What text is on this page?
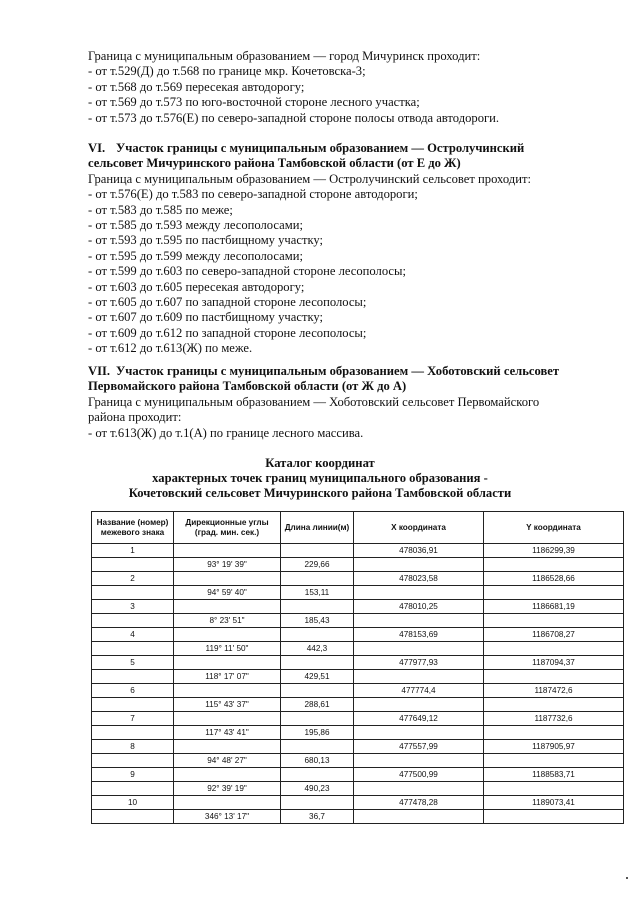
Граница с муниципальным образованием — город Мичуринск проходит:
- от т.529(Д) до т.568 по границе мкр. Кочетовска-3;
- от т.568 до т.569 пересекая автодорогу;
- от т.569 до т.573 по юго-восточной стороне лесного участка;
- от т.573 до т.576(Е) по северо-западной стороне полосы отвода автодороги.
VI. Участок границы с муниципальным образованием — Остролучинский
сельсовет Мичуринского района Тамбовской области (от Е до Ж)
Граница с муниципальным образованием — Остролучинский сельсовет проходит:
- от т.576(Е) до т.583 по северо-западной стороне автодороги;
- от т.583 до т.585 по меже;
- от т.585 до т.593 между лесополосами;
- от т.593 до т.595 по пастбищному участку;
- от т.595 до т.599 между лесополосами;
- от т.599 до т.603 по северо-западной стороне лесополосы;
- от т.603 до т.605 пересекая автодорогу;
- от т.605 до т.607 по западной стороне лесополосы;
- от т.607 до т.609 по пастбищному участку;
- от т.609 до т.612 по западной стороне лесополосы;
- от т.612 до т.613(Ж) по меже.
VII. Участок границы с муниципальным образованием — Хоботовский сельсовет
Первомайского района Тамбовской области (от Ж до А)
Граница с муниципальным образованием — Хоботовский сельсовет Первомайского
района проходит:
- от т.613(Ж) до т.1(А) по границе лесного массива.
Каталог координат
характерных точек границ муниципального образования -
Кочетовский сельсовет Мичуринского района Тамбовской области
Название (номер) межевого знака	Дирекционные углы (град. мин. сек.)	Длина линии(м)	X координата	Y координата
1			478036,91	1186299,39
	93° 19' 39"	229,66		
2			478023,58	1186528,66
	94° 59' 40"	153,11		
3			478010,25	1186681,19
	8° 23' 51"	185,43		
4			478153,69	1186708,27
	119° 11' 50"	442,3		
5			477977,93	1187094,37
	118° 17' 07"	429,51		
6			477774,4	1187472,6
	115° 43' 37"	288,61		
7			477649,12	1187732,6
	117° 43' 41"	195,86		
8			477557,99	1187905,97
	94° 48' 27"	680,13		
9			477500,99	1188583,71
	92° 39' 19"	490,23		
10			477478,28	1189073,41
	346° 13' 17"	36,7		
